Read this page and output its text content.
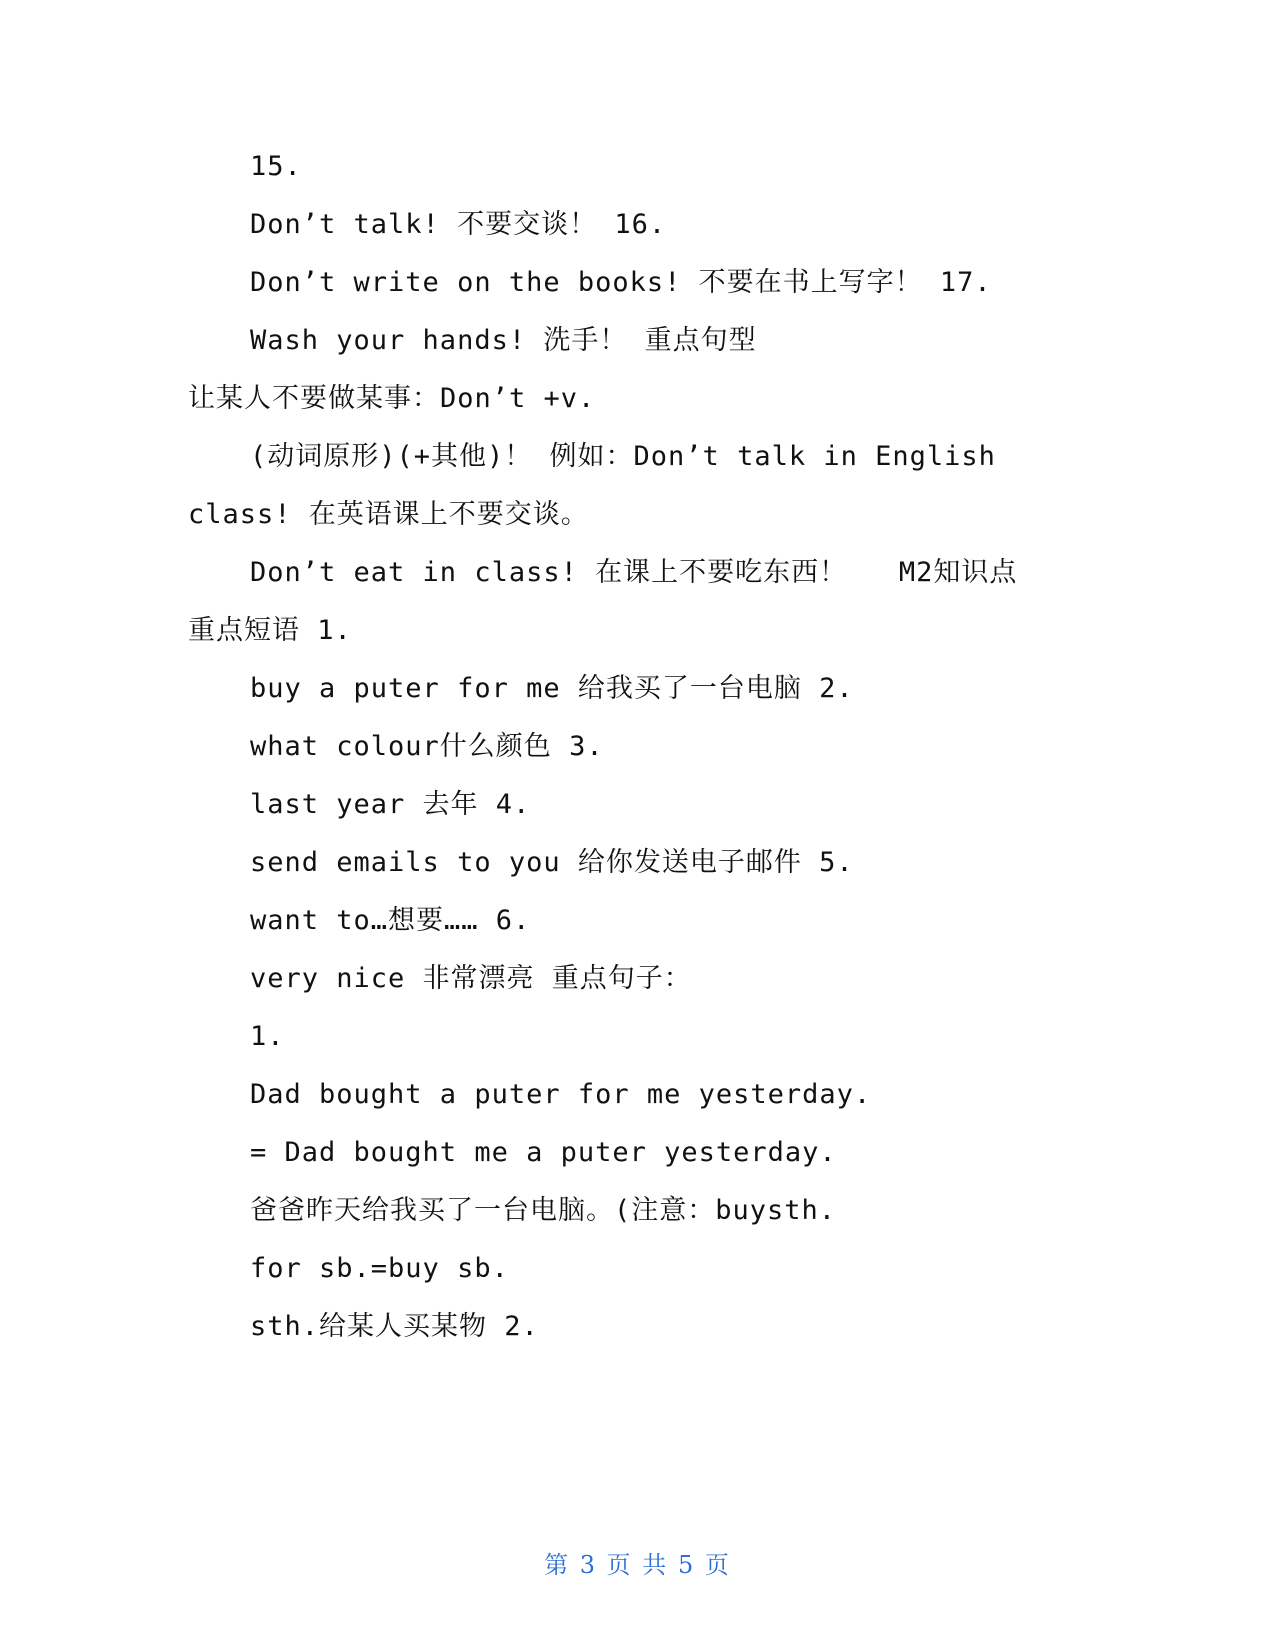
15.
Don’t talk! 不要交谈！ 16.
Don’t write on the books! 不要在书上写字！ 17.
Wash your hands! 洗手！ 重点句型
让某人不要做某事：Don’t +v.
(动词原形)(+其他)！ 例如：Don’t talk in English
class! 在英语课上不要交谈。
Don’t eat in class! 在课上不要吃东西！   M2知识点
重点短语 1.
buy a puter for me 给我买了一台电脑 2.
what colour什么颜色 3.
last year 去年 4.
send emails to you 给你发送电子邮件 5.
want to…想要…… 6.
very nice 非常漂亮 重点句子：
1.
Dad bought a puter for me yesterday.
= Dad bought me a puter yesterday.
爸爸昨天给我买了一台电脑。(注意：buysth.
for sb.=buy sb.
sth.给某人买某物 2.
第 3 页 共 5 页
